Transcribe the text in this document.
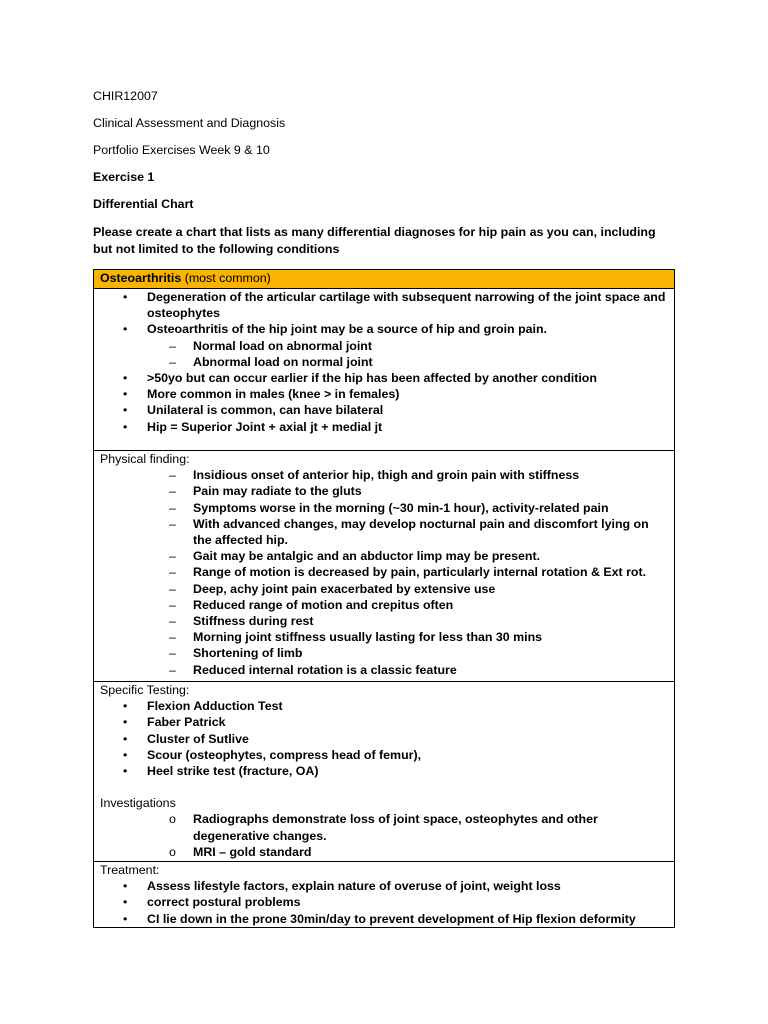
CHIR12007
Clinical Assessment and Diagnosis
Portfolio Exercises Week 9 & 10
Exercise 1
Differential Chart
Please create a chart that lists as many differential diagnoses for hip pain as you can, including but not limited to the following conditions
Osteoarthritis (most common)
• Degeneration of the articular cartilage with subsequent narrowing of the joint space and osteophytes
• Osteoarthritis of the hip joint may be a source of hip and groin pain.
– Normal load on abnormal joint
– Abnormal load on normal joint
• >50yo but can occur earlier if the hip has been affected by another condition
• More common in males (knee > in females)
• Unilateral is common, can have bilateral
• Hip = Superior Joint + axial jt + medial jt
Physical finding:
– Insidious onset of anterior hip, thigh and groin pain with stiffness
– Pain may radiate to the gluts
– Symptoms worse in the morning (~30 min-1 hour), activity-related pain
– With advanced changes, may develop nocturnal pain and discomfort lying on the affected hip.
– Gait may be antalgic and an abductor limp may be present.
– Range of motion is decreased by pain, particularly internal rotation & Ext rot.
– Deep, achy joint pain exacerbated by extensive use
– Reduced range of motion and crepitus often
– Stiffness during rest
– Morning joint stiffness usually lasting for less than 30 mins
– Shortening of limb
– Reduced internal rotation is a classic feature
Specific Testing:
• Flexion Adduction Test
• Faber Patrick
• Cluster of Sutlive
• Scour (osteophytes, compress head of femur),
• Heel strike test (fracture, OA)
Investigations
o Radiographs demonstrate loss of joint space, osteophytes and other degenerative changes.
o MRI – gold standard
Treatment:
• Assess lifestyle factors, explain nature of overuse of joint, weight loss
• correct postural problems
• CI lie down in the prone 30min/day to prevent development of Hip flexion deformity
